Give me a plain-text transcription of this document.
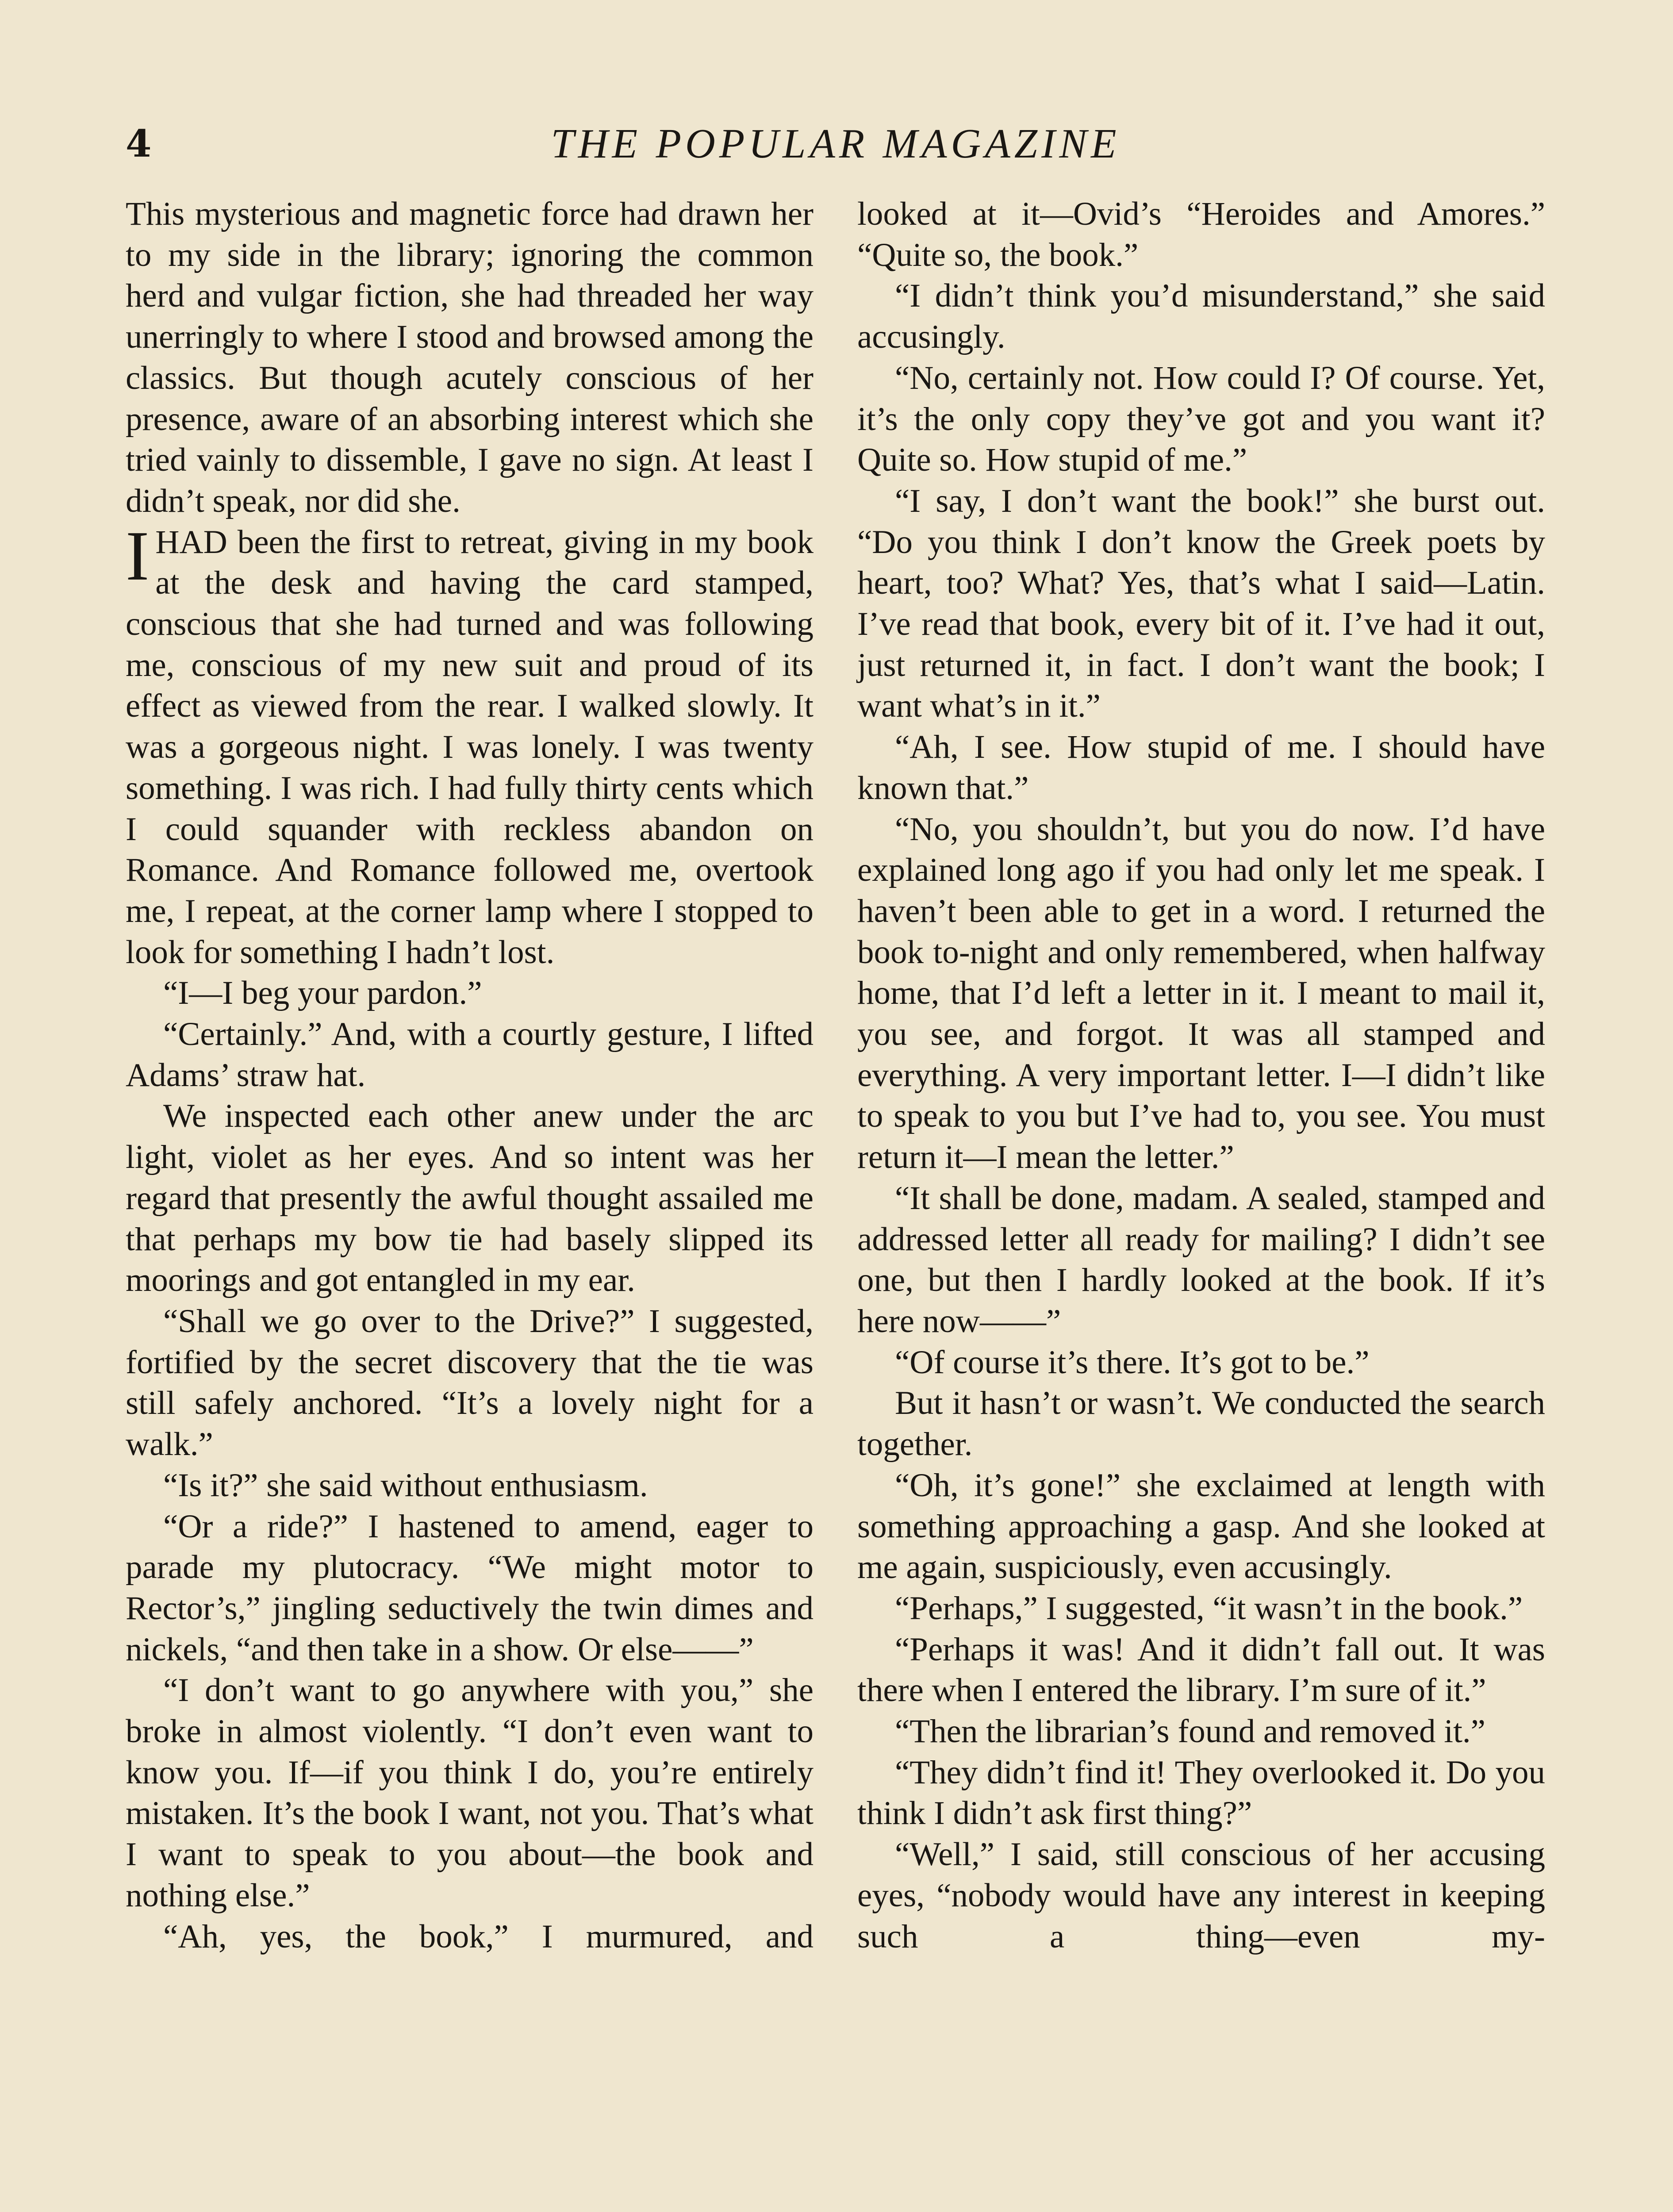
4	THE POPULAR MAGAZINE

This mysterious and magnetic force had drawn her to my side in the library; ignoring the common herd and vulgar fiction, she had threaded her way unerringly to where I stood and browsed among the classics. But though acutely conscious of her presence, aware of an absorbing interest which she tried vainly to dissemble, I gave no sign. At least I didn’t speak, nor did she.

IHAD been the first to retreat, giving in my book at the desk and having the card stamped, conscious that she had turned and was following me, conscious of my new suit and proud of its effect as viewed from the rear. I walked slowly. It was a gorgeous night. I was lonely. I was twenty something. I was rich. I had fully thirty cents which I could squander with reckless abandon on Romance. And Romance followed me, overtook me, I repeat, at the corner lamp where I stopped to look for something I hadn’t lost.

“I—I beg your pardon.”

“Certainly.” And, with a courtly gesture, I lifted Adams’ straw hat.

We inspected each other anew under the arc light, violet as her eyes. And so intent was her regard that presently the awful thought assailed me that perhaps my bow tie had basely slipped its moorings and got entangled in my ear.

“Shall we go over to the Drive?” I suggested, fortified by the secret discovery that the tie was still safely anchored. “It’s a lovely night for a walk.”

“Is it?” she said without enthusiasm.

“Or a ride?” I hastened to amend, eager to parade my plutocracy. “We might motor to Rector’s,” jingling seductively the twin dimes and nickels, “and then take in a show. Or else——”

“I don’t want to go anywhere with you,” she broke in almost violently. “I don’t even want to know you. If—if you think I do, you’re entirely mistaken. It’s the book I want, not you. That’s what I want to speak to you about—the book and nothing else.”

“Ah, yes, the book,” I murmured, and

looked at it—Ovid’s “Heroides and Amores.” “Quite so, the book.”

“I didn’t think you’d misunderstand,” she said accusingly.

“No, certainly not. How could I? Of course. Yet, it’s the only copy they’ve got and you want it? Quite so. How stupid of me.”

“I say, I don’t want the book!” she burst out. “Do you think I don’t know the Greek poets by heart, too? What? Yes, that’s what I said—Latin. I’ve read that book, every bit of it. I’ve had it out, just returned it, in fact. I don’t want the book; I want what’s in it.”

“Ah, I see. How stupid of me. I should have known that.”

“No, you shouldn’t, but you do now. I’d have explained long ago if you had only let me speak. I haven’t been able to get in a word. I returned the book to-night and only remembered, when halfway home, that I’d left a letter in it. I meant to mail it, you see, and forgot. It was all stamped and everything. A very important letter. I—I didn’t like to speak to you but I’ve had to, you see. You must return it—I mean the letter.”

“It shall be done, madam. A sealed, stamped and addressed letter all ready for mailing? I didn’t see one, but then I hardly looked at the book. If it’s here now——”

“Of course it’s there. It’s got to be.”

But it hasn’t or wasn’t. We conducted the search together.

“Oh, it’s gone!” she exclaimed at length with something approaching a gasp. And she looked at me again, suspiciously, even accusingly.

“Perhaps,” I suggested, “it wasn’t in the book.”

“Perhaps it was! And it didn’t fall out. It was there when I entered the library. I’m sure of it.”

“Then the librarian’s found and removed it.”

“They didn’t find it! They overlooked it. Do you think I didn’t ask first thing?”

“Well,” I said, still conscious of her accusing eyes, “nobody would have any interest in keeping such a thing—even my-
